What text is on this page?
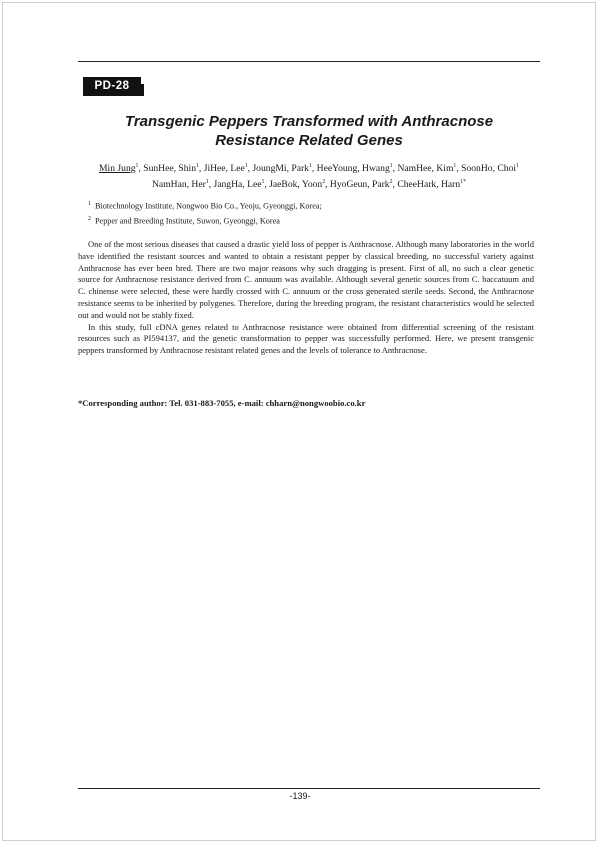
PD-28
Transgenic Peppers Transformed with Anthracnose
Resistance Related Genes
Min Jung$^1$, SunHee, Shin$^1$, JiHee, Lee$^1$, JoungMi, Park$^1$, HeeYoung, Hwang$^1$, NamHee, Kim$^1$, SoonHo, Choi$^1$
NamHan, Her$^1$, JangHa, Lee$^1$, JaeBok, Yoon$^2$, HyoGeun, Park$^2$, CheeHark, Harn$^{1*}$
$^1$ Biotechnology Institute, Nongwoo Bio Co., Yeoju, Gyeonggi, Korea;
$^2$ Pepper and Breeding Institute, Suwon, Gyeonggi, Korea

One of the most serious diseases that caused a drastic yield loss of pepper is Anthracnose. Although many laboratories in the world have identified the resistant sources and wanted to obtain a resistant pepper by classical breeding, no successful variety against Anthracnose has ever been bred. There are two major reasons why such dragging is present. First of all, no such a clear genetic source for Anthracnose resistance derived from C. annuum was available. Although several genetic sources from C. baccatuum and C. chinense were selected, these were hardly crossed with C. annuum or the cross generated sterile seeds. Second, the Anthracnose resistance seems to be inherited by polygenes. Therefore, during the breeding program, the resistant characteristics would be selected out and would not be stably fixed.

In this study, full cDNA genes related to Anthracnose resistance were obtained from differential screening of the resistant resources such as PI594137, and the genetic transformation to pepper was successfully performed. Here, we present transgenic peppers transformed by Anthracnose resistant related genes and the levels of tolerance to Anthracnose.

*Corresponding author: Tel. 031-883-7055, e-mail: chharn@nongwoobio.co.kr
-139-
